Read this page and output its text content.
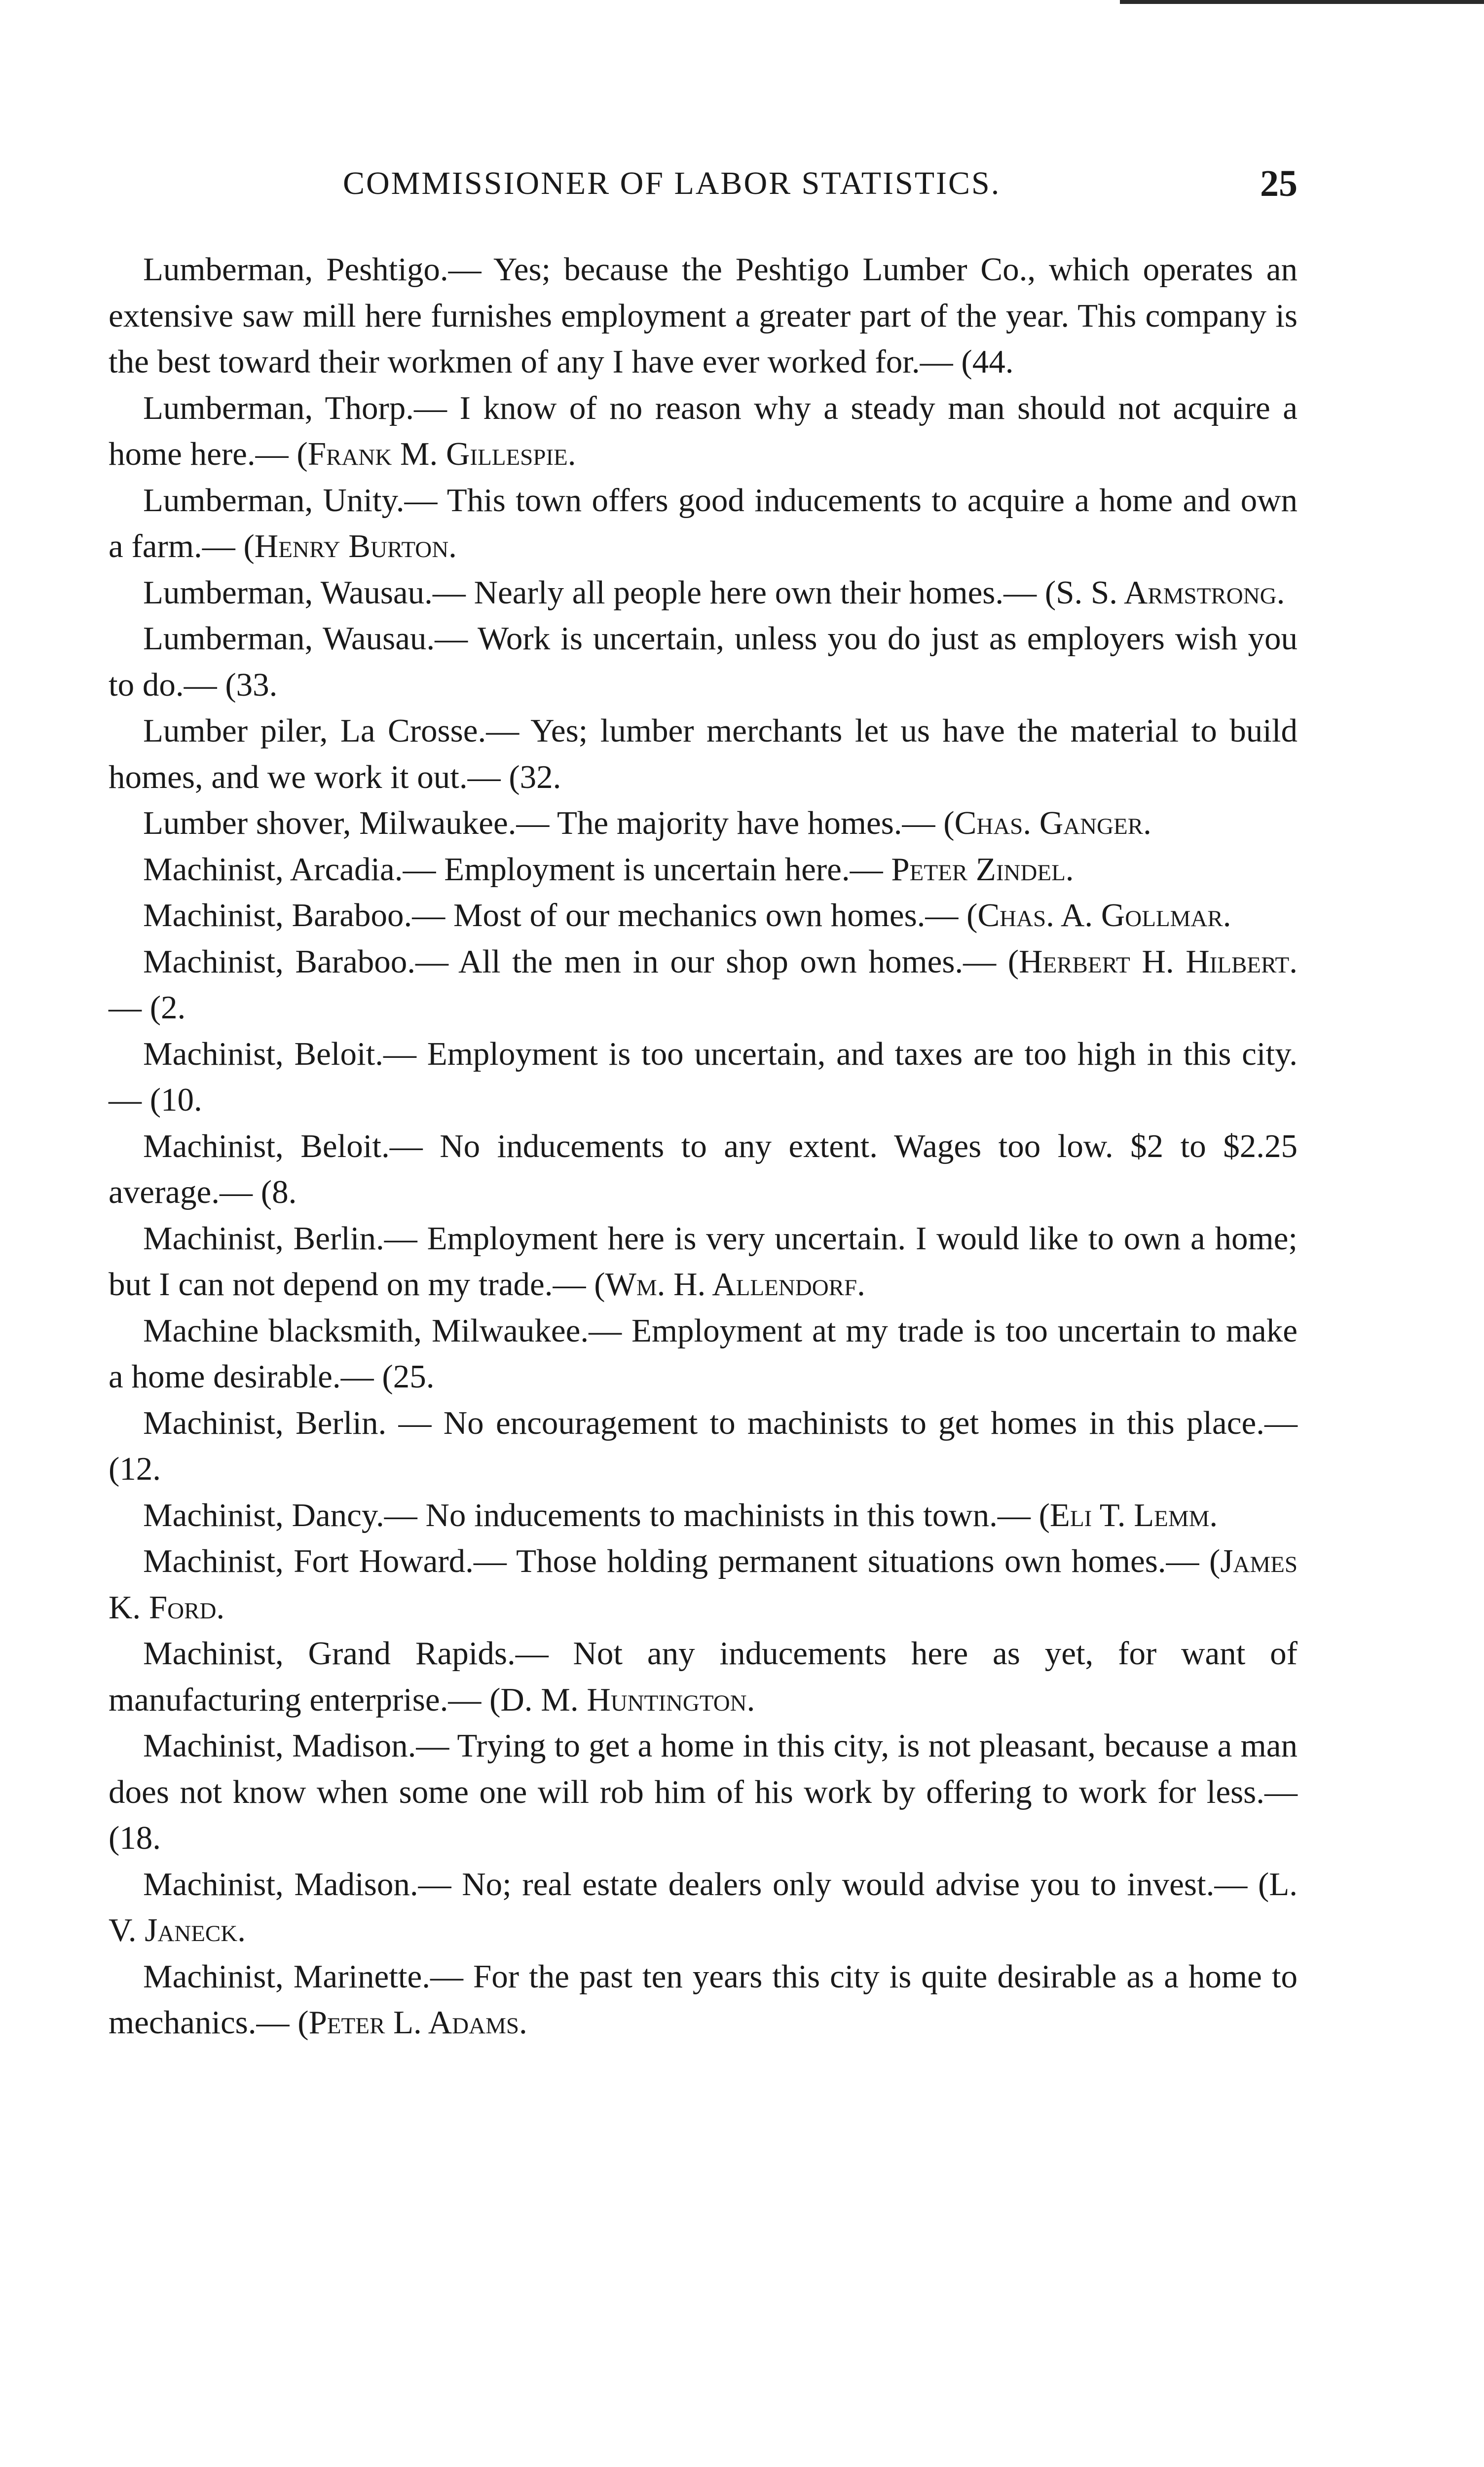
COMMISSIONER OF LABOR STATISTICS.	25

Lumberman, Peshtigo.— Yes; because the Peshtigo Lumber Co., which operates an extensive saw mill here furnishes employment a greater part of the year. This company is the best toward their workmen of any I have ever worked for.— (44.

Lumberman, Thorp.— I know of no reason why a steady man should not acquire a home here.— (Frank M. Gillespie.

Lumberman, Unity.— This town offers good inducements to acquire a home and own a farm.— (Henry Burton.

Lumberman, Wausau.— Nearly all people here own their homes.— (S. S. Armstrong.

Lumberman, Wausau.— Work is uncertain, unless you do just as employers wish you to do.— (33.

Lumber piler, La Crosse.— Yes; lumber merchants let us have the material to build homes, and we work it out.— (32.

Lumber shover, Milwaukee.— The majority have homes.— (Chas. Ganger.

Machinist, Arcadia.— Employment is uncertain here.— Peter Zindel.

Machinist, Baraboo.— Most of our mechanics own homes.— (Chas. A. Gollmar.

Machinist, Baraboo.— All the men in our shop own homes.— (Herbert H. Hilbert. — (2.

Machinist, Beloit.— Employment is too uncertain, and taxes are too high in this city.— (10.

Machinist, Beloit.— No inducements to any extent. Wages too low. $2 to $2.25 average.— (8.

Machinist, Berlin.— Employment here is very uncertain. I would like to own a home; but I can not depend on my trade.— (Wm. H. Allendorf.

Machine blacksmith, Milwaukee.— Employment at my trade is too uncertain to make a home desirable.— (25.

Machinist, Berlin. — No encouragement to machinists to get homes in this place.— (12.

Machinist, Dancy.— No inducements to machinists in this town.— (Eli T. Lemm.

Machinist, Fort Howard.— Those holding permanent situations own homes.— (James K. Ford.

Machinist, Grand Rapids.— Not any inducements here as yet, for want of manufacturing enterprise.— (D. M. Huntington.

Machinist, Madison.— Trying to get a home in this city, is not pleasant, because a man does not know when some one will rob him of his work by offering to work for less.— (18.

Machinist, Madison.— No; real estate dealers only would advise you to invest.— (L. V. Janeck.

Machinist, Marinette.— For the past ten years this city is quite desirable as a home to mechanics.— (Peter L. Adams.
